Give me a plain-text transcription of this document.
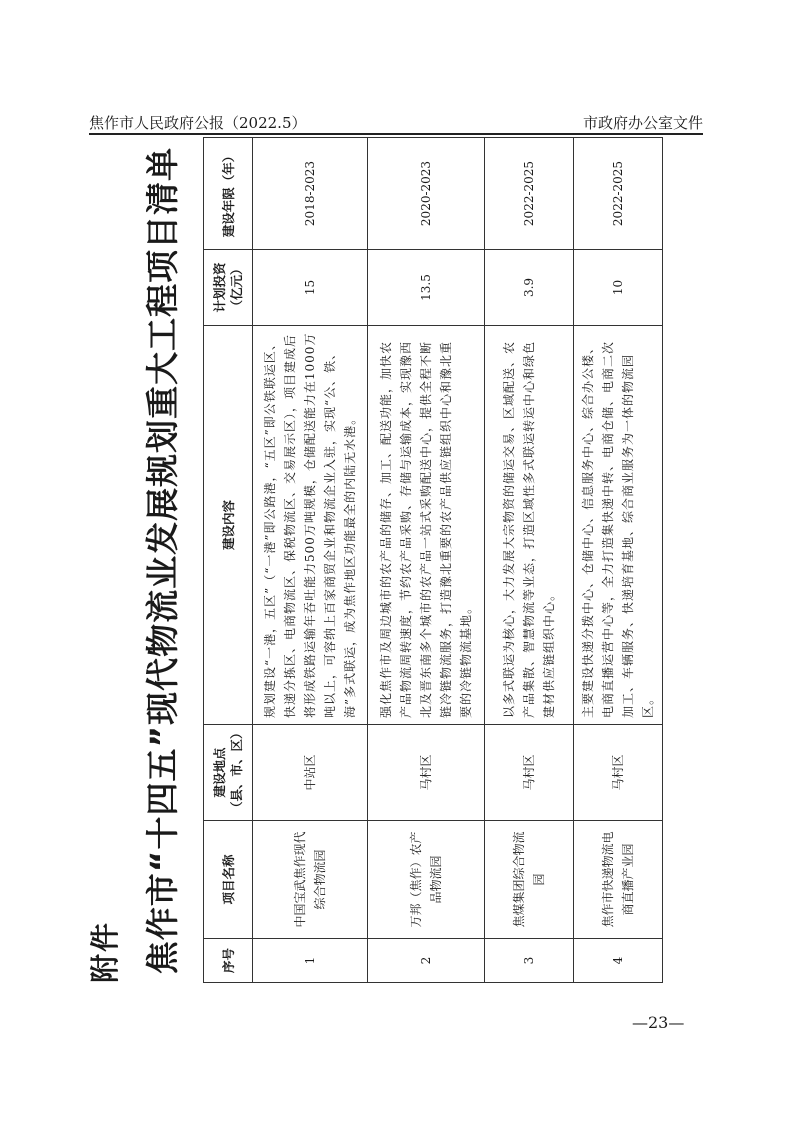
焦作市人民政府公报（2022.5）	市政府办公室文件
附件 焦作市“十四五”现代物流业发展规划重大工程项目清单	序号	项目名称	建设地点（县、市、区）	建设内容	计划投资（亿元）	建设年限（年）
1	中国宝武焦作现代综合物流园	中站区	规划建设“一港，五区”（“一港”即公路港，“五区”即公铁联运区、快递分拣区、电商物流区、保税物流区、交易展示区），项目建成后将形成铁路运输年吞吐能力500万吨规模，仓储配送能力在1000万吨以上，可容纳上百家商贸企业和物流企业入驻，实现“公、铁、海”多式联运，成为焦作地区功能最全的内陆无水港。	15	2018-2023
2	万邦（焦作）农产品物流园	马村区	强化焦作市及周边城市的农产品的储存、加工、配送功能，加快农产品物流周转速度，节约农产品采购、存储与运输成本，实现豫西北及晋东南多个城市的农产品一站式采购配送中心，提供全程不断链冷链物流服务，打造豫北重要的农产品供应链组织中心和豫北重要的冷链物流基地。	13.5	2020-2023
3	焦煤集团综合物流园	马村区	以多式联运为核心，大力发展大宗物资的储运交易、区域配送、农产品集散、智慧物流等业态，打造区域性多式联运转运中心和绿色建材供应链组织中心。	3.9	2022-2025
4	焦作市快递物流电商直播产业园	马村区	主要建设快递分拨中心、仓储中心、信息服务中心、综合办公楼、电商直播运营中心等，全力打造集快递中转、电商仓储、电商二次加工、车辆服务、快递培育基地、综合商业服务为一体的物流园区。	10	2022-2025
—23—
